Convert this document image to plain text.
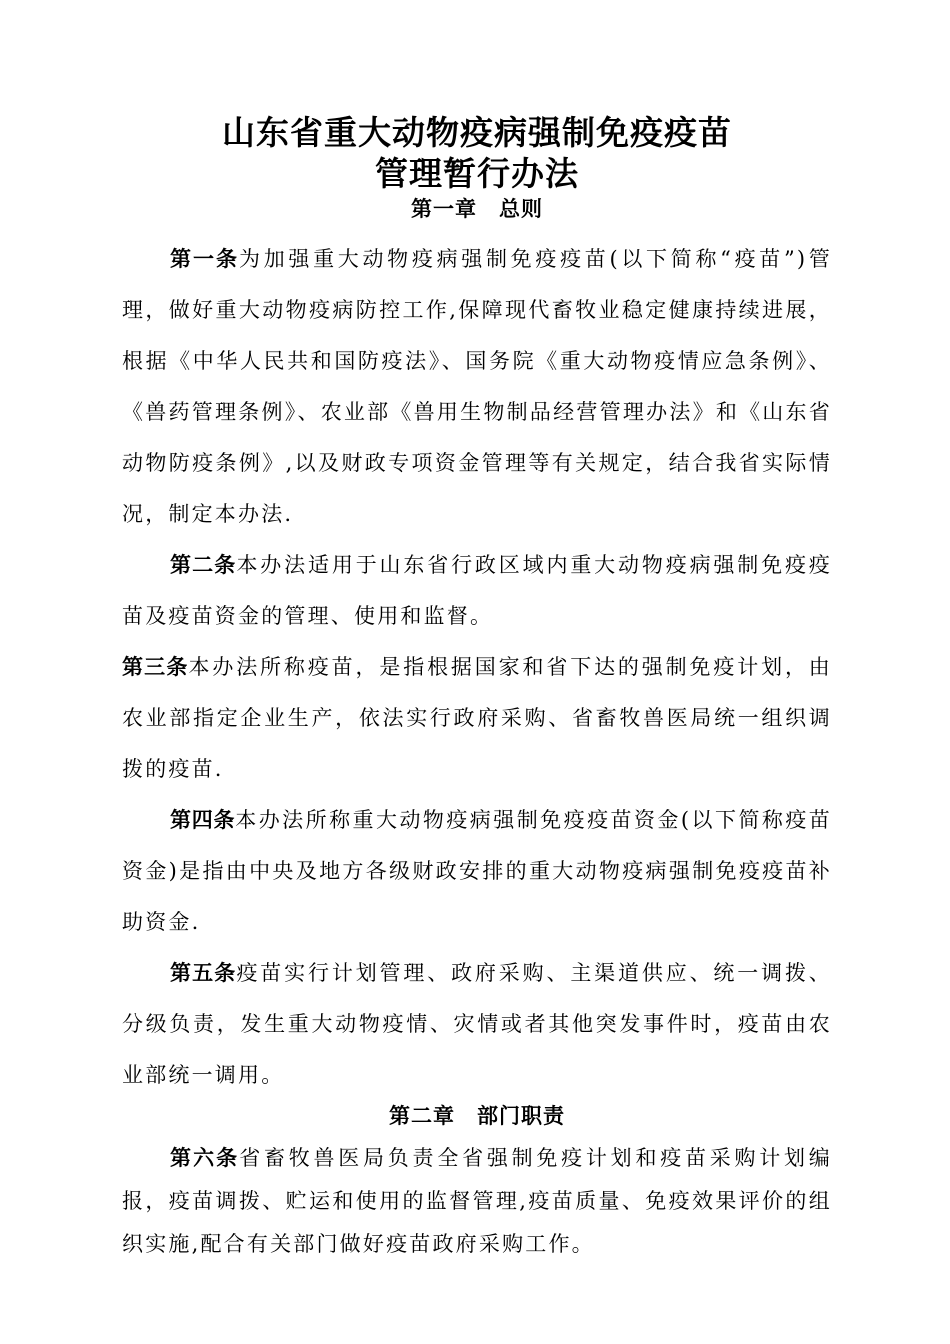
山东省重大动物疫病强制免疫疫苗
管理暂行办法
第一章　总则

第一条为加强重大动物疫病强制免疫疫苗(以下简称“疫苗”)管理，做好重大动物疫病防控工作,保障现代畜牧业稳定健康持续进展，根据《中华人民共和国防疫法》、国务院《重大动物疫情应急条例》、《兽药管理条例》、农业部《兽用生物制品经营管理办法》和《山东省动物防疫条例》,以及财政专项资金管理等有关规定，结合我省实际情况，制定本办法.

第二条本办法适用于山东省行政区域内重大动物疫病强制免疫疫苗及疫苗资金的管理、使用和监督。

第三条本办法所称疫苗，是指根据国家和省下达的强制免疫计划，由农业部指定企业生产，依法实行政府采购、省畜牧兽医局统一组织调拨的疫苗.

第四条本办法所称重大动物疫病强制免疫疫苗资金(以下简称疫苗资金)是指由中央及地方各级财政安排的重大动物疫病强制免疫疫苗补助资金.

第五条疫苗实行计划管理、政府采购、主渠道供应、统一调拨、分级负责，发生重大动物疫情、灾情或者其他突发事件时，疫苗由农业部统一调用。

第二章　部门职责

第六条省畜牧兽医局负责全省强制免疫计划和疫苗采购计划编报，疫苗调拨、贮运和使用的监督管理,疫苗质量、免疫效果评价的组织实施,配合有关部门做好疫苗政府采购工作。
